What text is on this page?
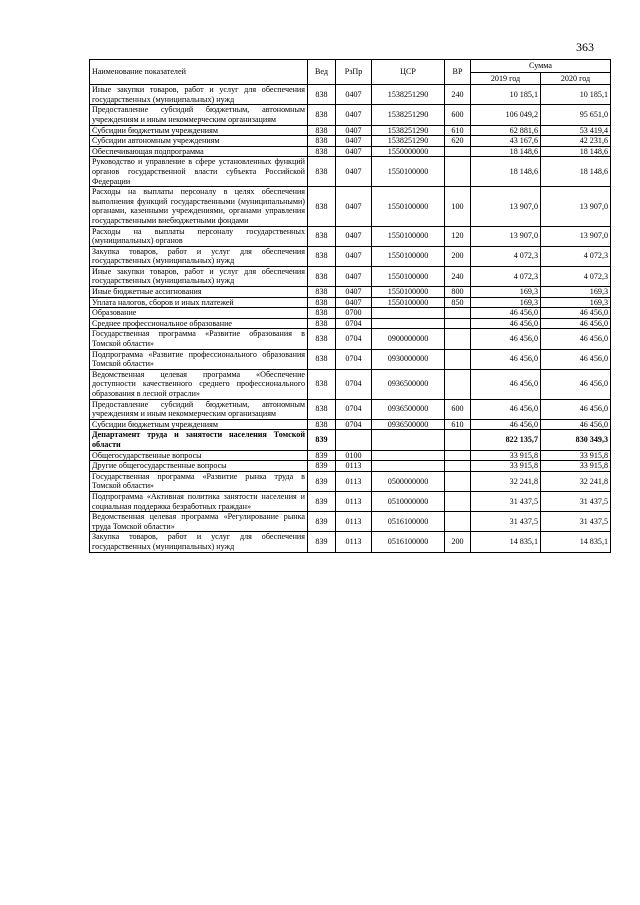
363
Наименование показателей	Вед	РзПр	ЦСР	ВР	Сумма	
					2019 год	2020 год
Иные закупки товаров, работ и услуг для обеспечения государственных (муниципальных) нужд	838	0407	1538251290	240	10 185,1	10 185,1
Предоставление субсидий бюджетным, автономным учреждениям и иным некоммерческим организациям	838	0407	1538251290	600	106 049,2	95 651,0
Субсидии бюджетным учреждениям	838	0407	1538251290	610	62 881,6	53 419,4
Субсидии автономным учреждениям	838	0407	1538251290	620	43 167,6	42 231,6
Обеспечивающая подпрограмма	838	0407	1550000000		18 148,6	18 148,6
Руководство и управление в сфере установленных функций органов государственной власти субъекта Российской Федерации	838	0407	1550100000		18 148,6	18 148,6
Расходы на выплаты персоналу в целях обеспечения выполнения функций государственными (муниципальными) органами, казенными учреждениями, органами управления государственными внебюджетными фондами	838	0407	1550100000	100	13 907,0	13 907,0
Расходы на выплаты персоналу государственных (муниципальных) органов	838	0407	1550100000	120	13 907,0	13 907,0
Закупка товаров, работ и услуг для обеспечения государственных (муниципальных) нужд	838	0407	1550100000	200	4 072,3	4 072,3
Иные закупки товаров, работ и услуг для обеспечения государственных (муниципальных) нужд	838	0407	1550100000	240	4 072,3	4 072,3
Иные бюджетные ассигнования	838	0407	1550100000	800	169,3	169,3
Уплата налогов, сборов и иных платежей	838	0407	1550100000	850	169,3	169,3
Образование	838	0700			46 456,0	46 456,0
Среднее профессиональное образование	838	0704			46 456,0	46 456,0
Государственная программа «Развитие образования в Томской области»	838	0704	0900000000		46 456,0	46 456,0
Подпрограмма «Развитие профессионального образования Томской области»	838	0704	0930000000		46 456,0	46 456,0
Ведомственная целевая программа «Обеспечение доступности качественного среднего профессионального образования в лесной отрасли»	838	0704	0936500000		46 456,0	46 456,0
Предоставление субсидий бюджетным, автономным учреждениям и иным некоммерческим организациям	838	0704	0936500000	600	46 456,0	46 456,0
Субсидии бюджетным учреждениям	838	0704	0936500000	610	46 456,0	46 456,0
Департамент труда и занятости населения Томской области	839				822 135,7	830 349,3
Общегосударственные вопросы	839	0100			33 915,8	33 915,8
Другие общегосударственные вопросы	839	0113			33 915,8	33 915,8
Государственная программа «Развитие рынка труда в Томской области»	839	0113	0500000000		32 241,8	32 241,8
Подпрограмма «Активная политика занятости населения и социальная поддержка безработных граждан»	839	0113	0510000000		31 437,5	31 437,5
Ведомственная целевая программа «Регулирование рынка труда Томской области»	839	0113	0516100000		31 437,5	31 437,5
Закупка товаров, работ и услуг для обеспечения государственных (муниципальных) нужд	839	0113	0516100000	200	14 835,1	14 835,1
